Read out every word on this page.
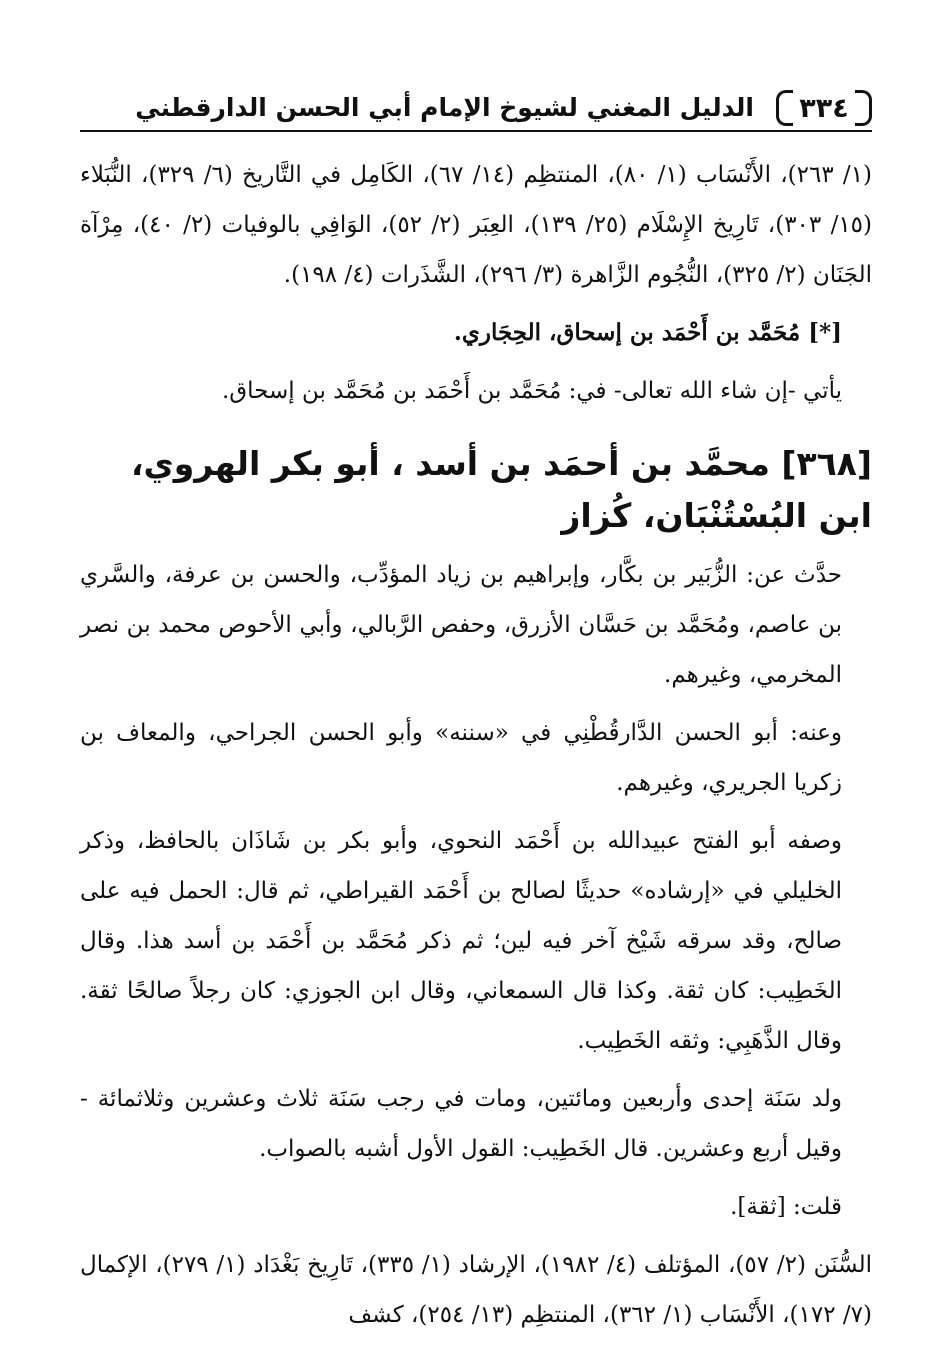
٣٣٤
الدليل المغني لشيوخ الإمام أبي الحسن الدارقطني

(١/ ٢٦٣)، الأَنْسَاب (١/ ٨٠)، المنتظِم (١٤/ ٦٧)، الكَامِل في التَّاريخ (٦/ ٣٢٩)، النُّبَلاء (١٥/ ٣٠٣)، تَارِيخ الإِسْلَام (٢٥/ ١٣٩)، العِبَر (٢/ ٥٢)، الوَافِي بالوفيات (٢/ ٤٠)، مِرْآة الجَنَان (٢/ ٣٢٥)، النُّجُوم الزَّاهرة (٣/ ٢٩٦)، الشَّذَرات (٤/ ١٩٨).

[*] مُحَمَّد بن أَحْمَد بن إسحاق، الحِجَاري.

يأتي -إن شاء الله تعالى- في: مُحَمَّد بن أَحْمَد بن مُحَمَّد بن إسحاق.

[٣٦٨] محمَّد بن أحمَد بن أسد ، أبو بكر الهروي، ابن البُسْتُنْبَان، كُزاز

حدَّث عن: الزُّبَير بن بكَّار، وإبراهيم بن زياد المؤدِّب، والحسن بن عرفة، والسَّري بن عاصم، ومُحَمَّد بن حَسَّان الأزرق، وحفص الرَّبالي، وأبي الأحوص محمد بن نصر المخرمي، وغيرهم.

وعنه: أبو الحسن الدَّارقُطْنِي في «سننه» وأبو الحسن الجراحي، والمعاف بن زكريا الجريري، وغيرهم.

وصفه أبو الفتح عبيدالله بن أَحْمَد النحوي، وأبو بكر بن شَاذَان بالحافظ، وذكر الخليلي في «إرشاده» حديثًا لصالح بن أَحْمَد القيراطي، ثم قال: الحمل فيه على صالح، وقد سرقه شَيْخ آخر فيه لين؛ ثم ذكر مُحَمَّد بن أَحْمَد بن أسد هذا. وقال الخَطِيب: كان ثقة. وكذا قال السمعاني، وقال ابن الجوزي: كان رجلاً صالحًا ثقة. وقال الذَّهَبِي: وثقه الخَطِيب.

ولد سَنَة إحدى وأربعين ومائتين، ومات في رجب سَنَة ثلاث وعشرين وثلاثمائة - وقيل أربع وعشرين. قال الخَطِيب: القول الأول أشبه بالصواب.

قلت: [ثقة].

السُّنَن (٢/ ٥٧)، المؤتلف (٤/ ١٩٨٢)، الإرشاد (١/ ٣٣٥)، تَارِيخ بَغْدَاد (١/ ٢٧٩)، الإكمال (٧/ ١٧٢)، الأَنْسَاب (١/ ٣٦٢)، المنتظِم (١٣/ ٢٥٤)، كشف
